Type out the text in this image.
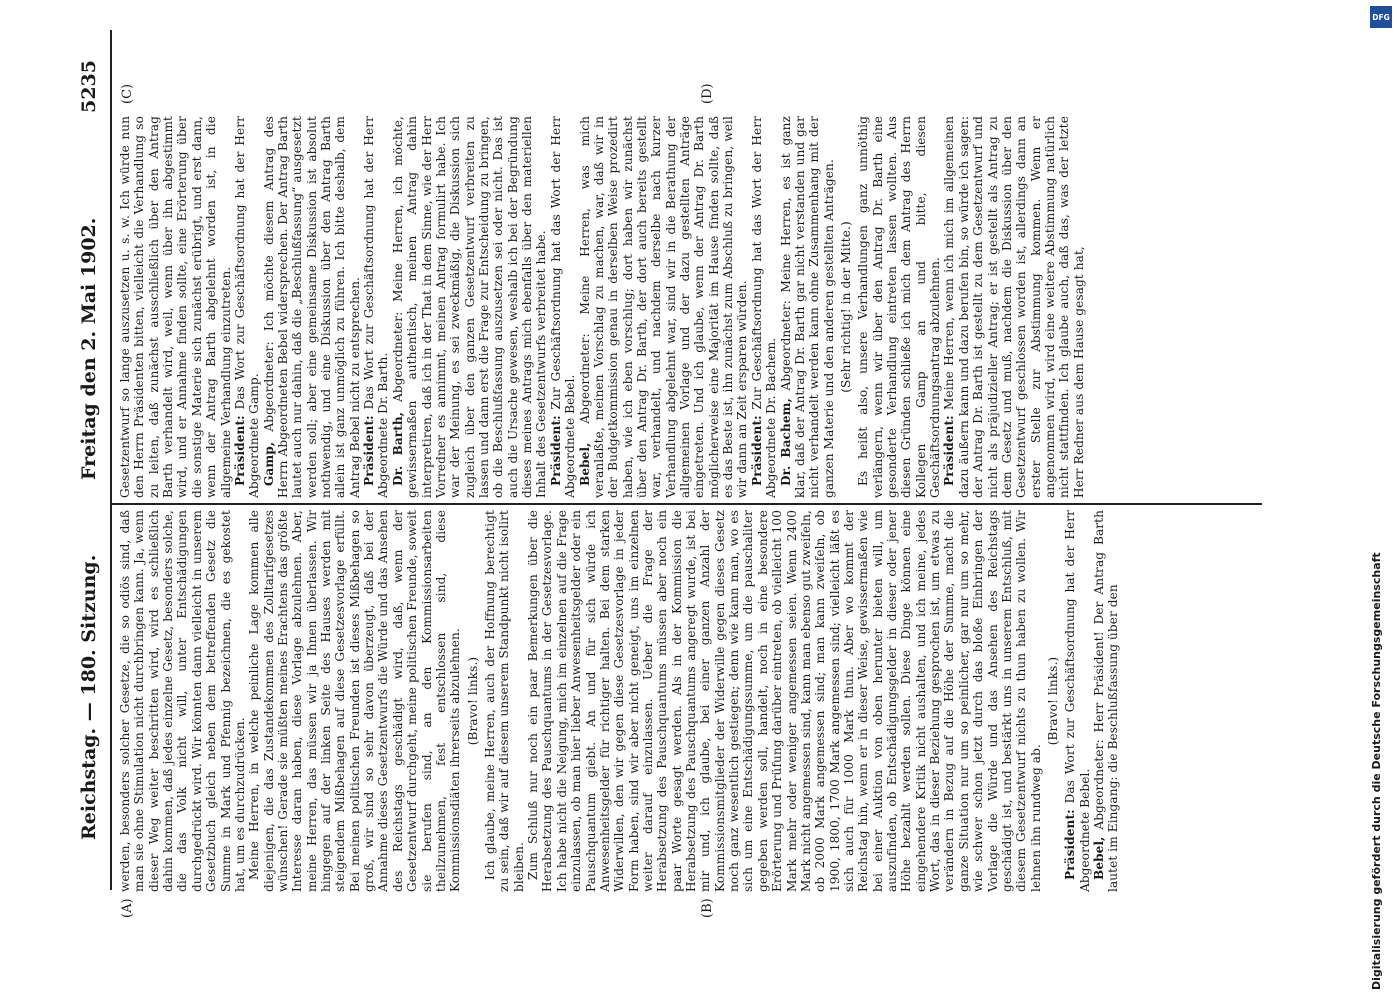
Reichstag. — 180. Sitzung.
Freitag den 2. Mai 1902.
5235
(A)	(B)
(C)	(D)

werden, besonders solcher Gesetze, die so odiös sind, daß man sie ohne Stimulation nicht durchbringen kann. Ja, wenn dieser Weg weiter beschritten wird, wird es schließlich dahin kommen, daß jedes einzelne Gesetz, besonders solche, die das Volk nicht will, unter Entschädigungen durchgedrückt wird. Wir könnten dann vielleicht in unserem Gesetzbuch gleich neben dem betreffenden Gesetz die Summe in Mark und Pfennig bezeichnen, die es gekostet hat, um es durchzudrücken. Meine Herren, in welche peinliche Lage kommen alle diejenigen, die das Zustandekommen des Zolltarifgesetzes wünschen! Gerade sie müßten meines Erachtens das größte Interesse daran haben, diese Vorlage abzulehnen. Aber, meine Herren, das müssen wir ja Ihnen überlassen. Wir hingegen auf der linken Seite des Hauses werden mit steigendem Mißbehagen auf diese Gesetzesvorlage erfüllt. Bei meinen politischen Freunden ist dieses Mißbehagen so groß, wir sind so sehr davon überzeugt, daß bei der Annahme dieses Gesetzentwurfs die Würde und das Ansehen des Reichstags geschädigt wird, daß, wenn der Gesetzentwurf durchgeht, meine politischen Freunde, soweit sie berufen sind, an den Kommissionsarbeiten theilzunehmen, fest entschlossen sind, diese Kommissionsdiäten ihrerseits abzulehnen. (Bravo! links.) Ich glaube, meine Herren, auch der Hoffnung berechtigt zu sein, daß wir auf diesem unserem Standpunkt nicht isolirt bleiben. Zum Schluß nur noch ein paar Bemerkungen über die Herabsetzung des Pauschquantums in der Gesetzesvorlage. Ich habe nicht die Neigung, mich im einzelnen auf die Frage einzulassen, ob man hier lieber Anwesenheitsgelder oder ein Pauschquantum giebt. An und für sich würde ich Anwesenheitsgelder für richtiger halten. Bei dem starken Widerwillen, den wir gegen diese Gesetzesvorlage in jeder Form haben, sind wir aber nicht geneigt, uns im einzelnen weiter darauf einzulassen. Ueber die Frage der Herabsetzung des Pauschquantums müssen aber noch ein paar Worte gesagt werden. Als in der Kommission die Herabsetzung des Pauschquantums angeregt wurde, ist bei mir und, ich glaube, bei einer ganzen Anzahl der Kommissionsmitglieder der Widerwille gegen dieses Gesetz noch ganz wesentlich gestiegen; denn wie kann man, wo es sich um eine Entschädigungssumme, um die pauschaliter gegeben werden soll, handelt, noch in eine besondere Erörterung und Prüfung darüber eintreten, ob vielleicht 100 Mark mehr oder weniger angemessen seien. Wenn 2400 Mark nicht angemessen sind, kann man ebenso gut zweifeln, ob 2000 Mark angemessen sind; man kann zweifeln, ob 1900, 1800, 1700 Mark angemessen sind; vielleicht läßt es sich auch für 1000 Mark thun. Aber wo kommt der Reichstag hin, wenn er in dieser Weise, gewissermaßen wie bei einer Auktion von oben herunter bieten will, um auszufinden, ob Entschädigungsgelder in dieser oder jener Höhe bezahlt werden sollen. Diese Dinge können eine eingehendere Kritik nicht aushalten, und ich meine, jedes Wort, das in dieser Beziehung gesprochen ist, um etwas zu verändern in Bezug auf die Höhe der Summe, macht die ganze Situation nur um so peinlicher, gar nur um so mehr, wie schwer schon jetzt durch das bloße Einbringen der Vorlage die Würde und das Ansehen des Reichstags geschädigt ist, und bestärkt uns in unserem Entschluß, mit diesem Gesetzentwurf nichts zu thun haben zu wollen. Wir lehnen ihn rundweg ab.

(Bravo! links.)

Präsident: Das Wort zur Geschäftsordnung hat der Herr Abgeordnete Bebel. Bebel, Abgeordneter: Herr Präsident! Der Antrag Barth lautet im Eingang: die Beschlußfassung über den

Gesetzentwurf so lange auszusetzen u. s. w. Ich würde nun den Herrn Präsidenten bitten, vielleicht die Verhandlung so zu leiten, daß zunächst ausschließlich über den Antrag Barth verhandelt wird, weil, wenn über ihn abgestimmt wird, und er Annahme finden sollte, eine Erörterung über die sonstige Materie sich zunächst erübrigt, und erst dann, wenn der Antrag Barth abgelehnt worden ist, in die allgemeine Verhandlung einzutreten. Präsident: Das Wort zur Geschäftsordnung hat der Herr Abgeordnete Gamp. Gamp, Abgeordneter: Ich möchte diesem Antrag des Herrn Abgeordneten Bebel widersprechen. Der Antrag Barth lautet auch nur dahin, daß die „Beschlußfassung“ ausgesetzt werden soll; aber eine gemeinsame Diskussion ist absolut nothwendig, und eine Diskussion über den Antrag Barth allein ist ganz unmöglich zu führen. Ich bitte deshalb, dem Antrag Bebel nicht zu entsprechen. Präsident: Das Wort zur Geschäftsordnung hat der Herr Abgeordnete Dr. Barth. Dr. Barth, Abgeordneter: Meine Herren, ich möchte, gewissermaßen authentisch, meinen Antrag dahin interpretiren, daß ich in der That in dem Sinne, wie der Herr Vorredner es annimmt, meinen Antrag formulirt habe. Ich war der Meinung, es sei zweckmäßig, die Diskussion sich zugleich über den ganzen Gesetzentwurf verbreiten zu lassen und dann erst die Frage zur Entscheidung zu bringen, ob die Beschlußfassung auszusetzen sei oder nicht. Das ist auch die Ursache gewesen, weshalb ich bei der Begründung dieses meines Antrags mich ebenfalls über den materiellen Inhalt des Gesetzentwurfs verbreitet habe. Präsident: Zur Geschäftsordnung hat das Wort der Herr Abgeordnete Bebel. Bebel, Abgeordneter: Meine Herren, was mich veranlaßte, meinen Vorschlag zu machen, war, daß wir in der Budgetkommission genau in derselben Weise prozedirt haben, wie ich eben vorschlug; dort haben wir zunächst über den Antrag Dr. Barth, der dort auch bereits gestellt war, verhandelt, und nachdem derselbe nach kurzer Verhandlung abgelehnt war, sind wir in die Berathung der allgemeinen Vorlage und der dazu gestellten Anträge eingetreten. Und ich glaube, wenn der Antrag Dr. Barth möglicherweise eine Majorität im Hause finden sollte, daß es das Beste ist, ihn zunächst zum Abschluß zu bringen, weil wir dann an Zeit ersparen würden. Präsident: Zur Geschäftsordnung hat das Wort der Herr Abgeordnete Dr. Bachem. Dr. Bachem, Abgeordneter: Meine Herren, es ist ganz klar, daß der Antrag Dr. Barth gar nicht verstanden und gar nicht verhandelt werden kann ohne Zusammenhang mit der ganzen Materie und den anderen gestellten Anträgen. (Sehr richtig! in der Mitte.) Es heißt also, unsere Verhandlungen ganz unnöthig verlängern, wenn wir über den Antrag Dr. Barth eine gesonderte Verhandlung eintreten lassen wollten. Aus diesen Gründen schließe ich mich dem Antrag des Herrn Kollegen Gamp an und bitte, diesen Geschäftsordnungsantrag abzulehnen. Präsident: Meine Herren, wenn ich mich im allgemeinen dazu äußern kann und dazu berufen bin, so würde ich sagen: der Antrag Dr. Barth ist gestellt zu dem Gesetzentwurf und nicht als präjudizieller Antrag; er ist gestellt als Antrag zu dem Gesetz und muß, nachdem die Diskussion über den Gesetzentwurf geschlossen worden ist, allerdings dann an erster Stelle zur Abstimmung kommen. Wenn er angenommen wird, wird eine weitere Abstimmung natürlich nicht stattfinden. Ich glaube auch, daß das, was der letzte Herr Redner aus dem Hause gesagt hat,

Digitalisierung gefördert durch die Deutsche Forschungsgemeinschaft
DFG
